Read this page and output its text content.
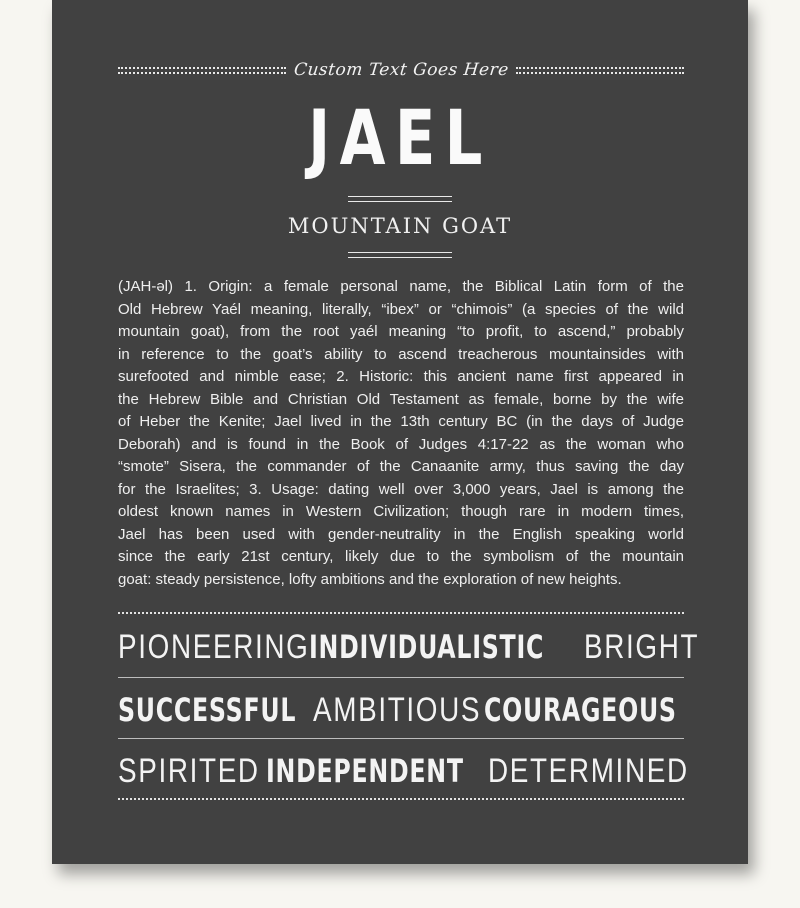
Custom Text Goes Here
JAEL
MOUNTAIN GOAT
(JAH-əl) 1. Origin: a female personal name, the Biblical Latin form of the
Old Hebrew Yaél meaning, literally, “ibex” or “chimois” (a species of the wild
mountain goat), from the root yaél meaning “to profit, to ascend,” probably
in reference to the goat’s ability to ascend treacherous mountainsides with
surefooted and nimble ease; 2. Historic: this ancient name first appeared in
the Hebrew Bible and Christian Old Testament as female, borne by the wife
of Heber the Kenite; Jael lived in the 13th century BC (in the days of Judge
Deborah) and is found in the Book of Judges 4:17-22 as the woman who
“smote” Sisera, the commander of the Canaanite army, thus saving the day
for the Israelites; 3. Usage: dating well over 3,000 years, Jael is among the
oldest known names in Western Civilization; though rare in modern times,
Jael has been used with gender-neutrality in the English speaking world
since the early 21st century, likely due to the symbolism of the mountain
goat: steady persistence, lofty ambitions and the exploration of new heights.
PIONEERING INDIVIDUALISTIC	BRIGHT
SUCCESSFUL AMBITIOUS COURAGEOUS
SPIRITED INDEPENDENT DETERMINED
